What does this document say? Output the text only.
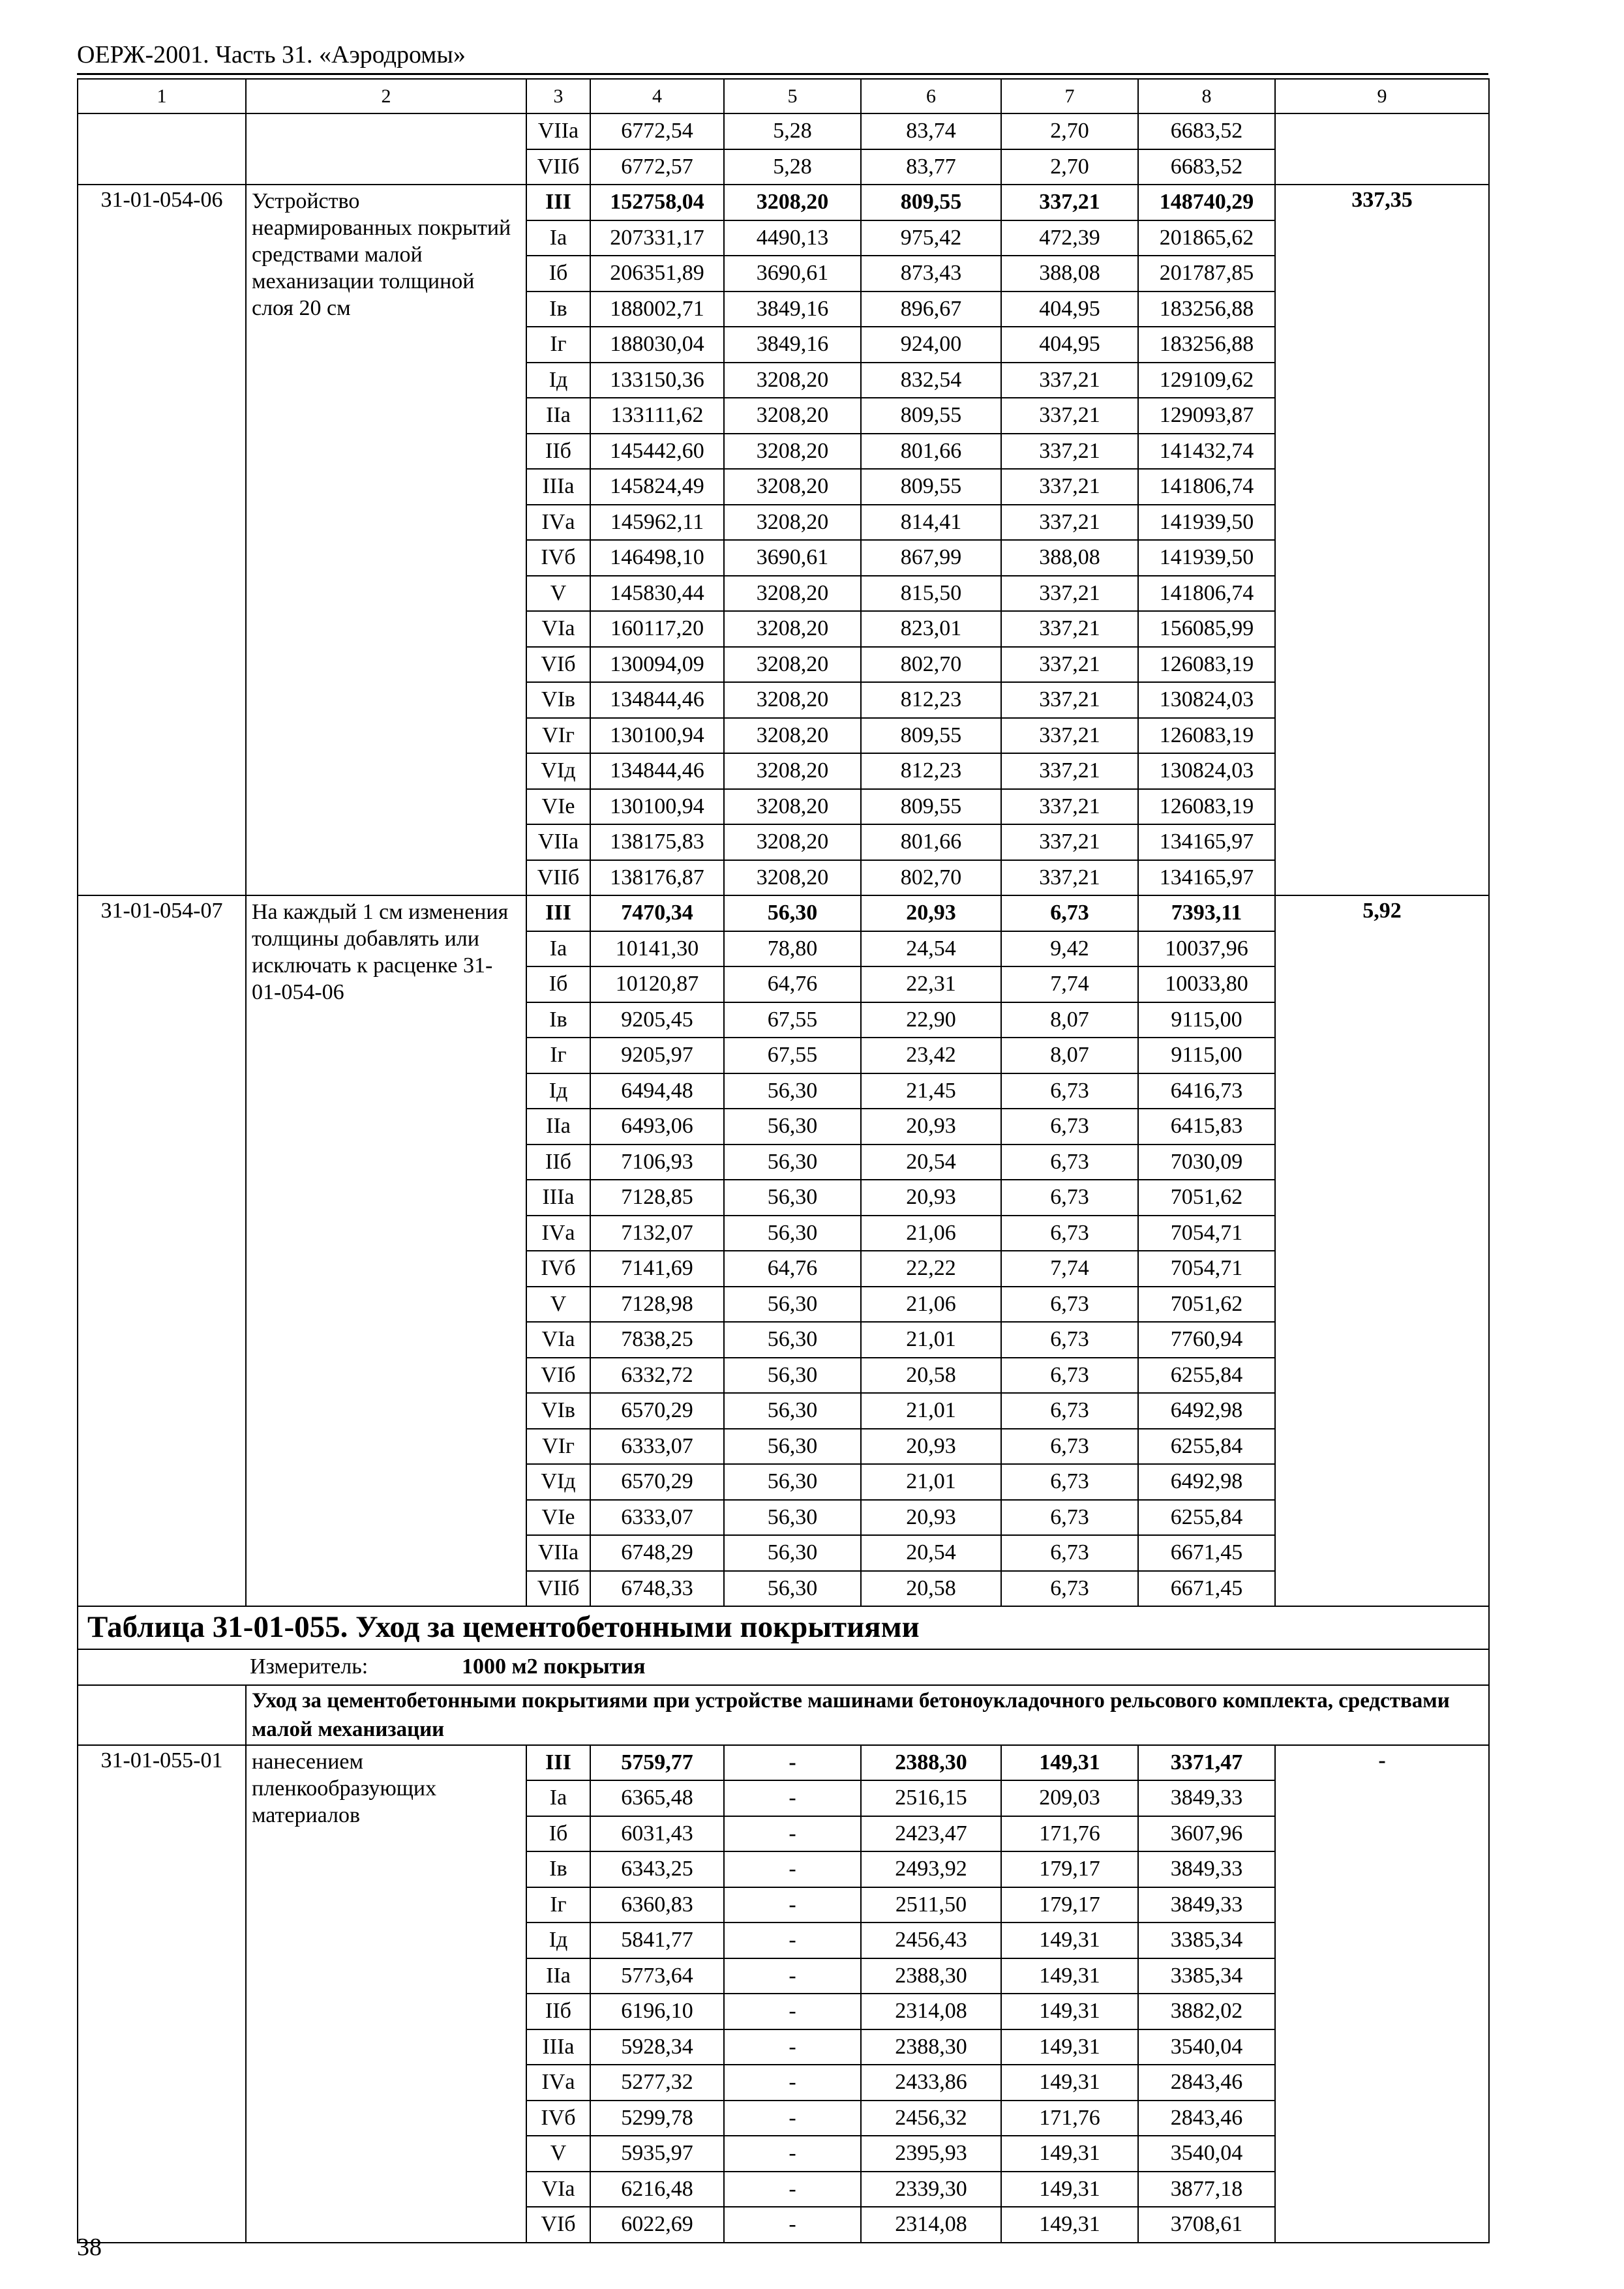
ОЕРЖ-2001. Часть 31. «Аэродромы»
1	2	3	4	5	6	7	8	9
		VIIа	6772,54	5,28	83,74	2,70	6683,52	
		VIIб	6772,57	5,28	83,77	2,70	6683,52	
31-01-054-06	Устройство неармированных покрытий средствами малой механизации толщиной слоя 20 см	III	152758,04	3208,20	809,55	337,21	148740,29	337,35
		Iа	207331,17	4490,13	975,42	472,39	201865,62	
		Iб	206351,89	3690,61	873,43	388,08	201787,85	
		Iв	188002,71	3849,16	896,67	404,95	183256,88	
		Iг	188030,04	3849,16	924,00	404,95	183256,88	
		Iд	133150,36	3208,20	832,54	337,21	129109,62	
		IIа	133111,62	3208,20	809,55	337,21	129093,87	
		IIб	145442,60	3208,20	801,66	337,21	141432,74	
		IIIа	145824,49	3208,20	809,55	337,21	141806,74	
		IVа	145962,11	3208,20	814,41	337,21	141939,50	
		IVб	146498,10	3690,61	867,99	388,08	141939,50	
		V	145830,44	3208,20	815,50	337,21	141806,74	
		VIа	160117,20	3208,20	823,01	337,21	156085,99	
		VIб	130094,09	3208,20	802,70	337,21	126083,19	
		VIв	134844,46	3208,20	812,23	337,21	130824,03	
		VIг	130100,94	3208,20	809,55	337,21	126083,19	
		VIд	134844,46	3208,20	812,23	337,21	130824,03	
		VIе	130100,94	3208,20	809,55	337,21	126083,19	
		VIIа	138175,83	3208,20	801,66	337,21	134165,97	
		VIIб	138176,87	3208,20	802,70	337,21	134165,97	
31-01-054-07	На каждый 1 см изменения толщины добавлять или исключать к расценке 31-01-054-06	III	7470,34	56,30	20,93	6,73	7393,11	5,92
		Iа	10141,30	78,80	24,54	9,42	10037,96	
		Iб	10120,87	64,76	22,31	7,74	10033,80	
		Iв	9205,45	67,55	22,90	8,07	9115,00	
		Iг	9205,97	67,55	23,42	8,07	9115,00	
		Iд	6494,48	56,30	21,45	6,73	6416,73	
		IIа	6493,06	56,30	20,93	6,73	6415,83	
		IIб	7106,93	56,30	20,54	6,73	7030,09	
		IIIа	7128,85	56,30	20,93	6,73	7051,62	
		IVа	7132,07	56,30	21,06	6,73	7054,71	
		IVб	7141,69	64,76	22,22	7,74	7054,71	
		V	7128,98	56,30	21,06	6,73	7051,62	
		VIа	7838,25	56,30	21,01	6,73	7760,94	
		VIб	6332,72	56,30	20,58	6,73	6255,84	
		VIв	6570,29	56,30	21,01	6,73	6492,98	
		VIг	6333,07	56,30	20,93	6,73	6255,84	
		VIд	6570,29	56,30	21,01	6,73	6492,98	
		VIе	6333,07	56,30	20,93	6,73	6255,84	
		VIIа	6748,29	56,30	20,54	6,73	6671,45	
		VIIб	6748,33	56,30	20,58	6,73	6671,45	
Таблица 31-01-055. Уход за цементобетонными покрытиями								
Измеритель: 1000 м2 покрытия								
	Уход за цементобетонными покрытиями при устройстве машинами бетоноукладочного рельсового комплекта, средствами малой механизации							
31-01-055-01	нанесением пленкообразующих материалов	III	5759,77	-	2388,30	149,31	3371,47	-
		Iа	6365,48	-	2516,15	209,03	3849,33	
		Iб	6031,43	-	2423,47	171,76	3607,96	
		Iв	6343,25	-	2493,92	179,17	3849,33	
		Iг	6360,83	-	2511,50	179,17	3849,33	
		Iд	5841,77	-	2456,43	149,31	3385,34	
		IIа	5773,64	-	2388,30	149,31	3385,34	
		IIб	6196,10	-	2314,08	149,31	3882,02	
		IIIа	5928,34	-	2388,30	149,31	3540,04	
		IVа	5277,32	-	2433,86	149,31	2843,46	
		IVб	5299,78	-	2456,32	171,76	2843,46	
		V	5935,97	-	2395,93	149,31	3540,04	
		VIа	6216,48	-	2339,30	149,31	3877,18	
		VIб	6022,69	-	2314,08	149,31	3708,61	
38
